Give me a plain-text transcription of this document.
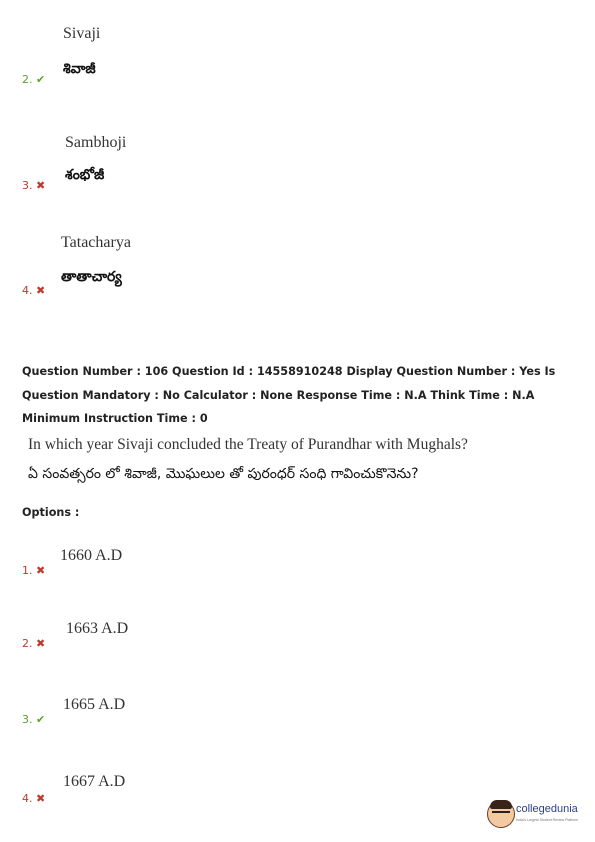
Sivaji
శివాజీ
2. ✔
Sambhoji
శంభోజీ
3. ✖
Tatacharya
తాతాచార్య
4. ✖
Question Number : 106 Question Id : 14558910248 Display Question Number : Yes Is Question Mandatory : No Calculator : None Response Time : N.A Think Time : N.A Minimum Instruction Time : 0
In which year Sivaji concluded the Treaty of Purandhar with Mughals?
ఏ సంవత్సరం లో శివాజీ, మొఘలుల తో పురంధర్ సంధి గావించుకొనెను?
Options :
1660 A.D
1. ✖
1663 A.D
2. ✖
1665 A.D
3. ✔
1667 A.D
4. ✖
collegedunia
India's Largest Student Review Platform
